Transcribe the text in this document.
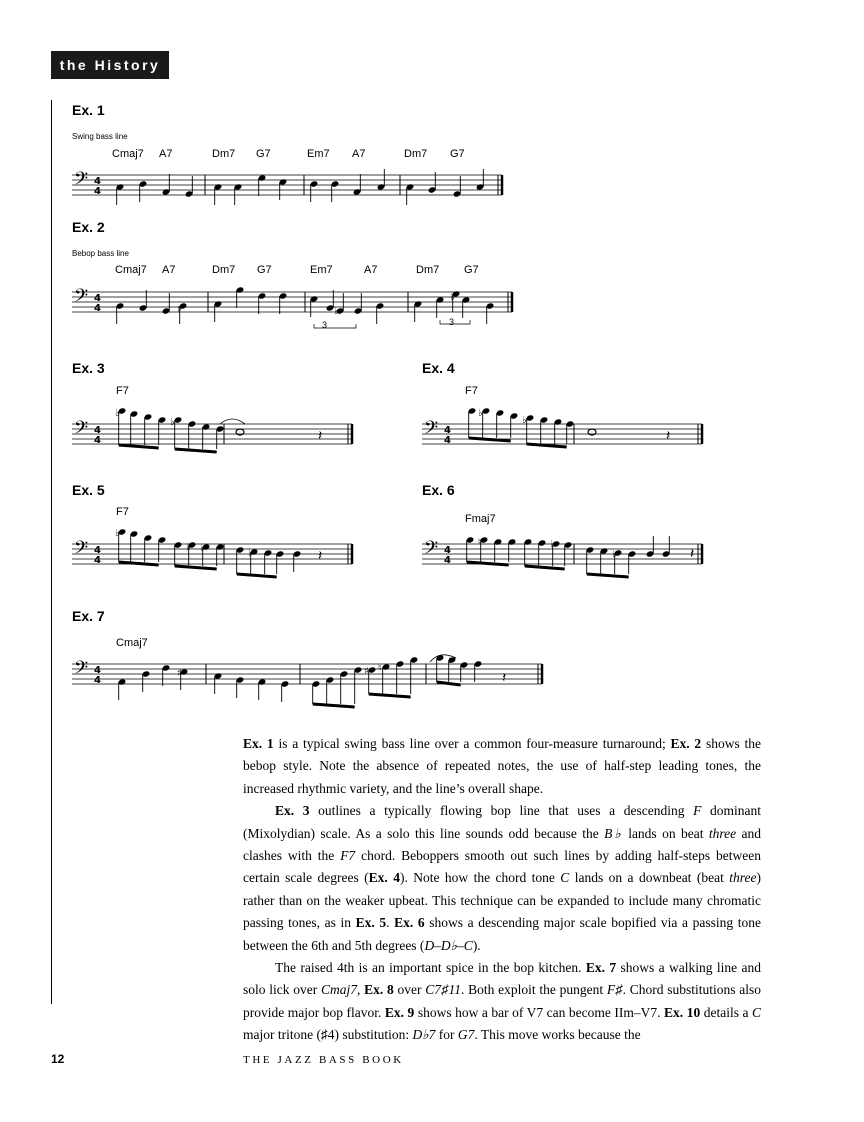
the History
Ex. 1
Swing bass line
Cmaj7 A7	Dm7 G7	Em7 A7	Dm7 G7
𝄢 4
4
𝄢 4
4
𝄢 4
4	𝄢 4
4
𝄢 4
4	𝄢 4
4
𝄢 4
4
♯	♭
♭
♭
♭
𝄽
♭
♭
𝄽
♭
♭ ♭	♭	𝄽
♮	♭
♭	𝄽
♯	♯ ♮
♭
𝄽
Ex. 2
Bebop bass line
Cmaj7 A7	Dm7 G7	Em7	A7	Dm7 G7
3	3
Ex. 3
F7
Ex. 4
F7
Ex. 5
F7
Ex. 6
Fmaj7
Ex. 7
Cmaj7

Ex. 1 is a typical swing bass line over a common four-measure turnaround; Ex. 2 shows the bebop style. Note the absence of repeated notes, the use of half-step leading tones, the increased rhythmic variety, and the line’s overall shape.

Ex. 3 outlines a typically flowing bop line that uses a descending F dominant (Mixolydian) scale. As a solo this line sounds odd because the B♭ lands on beat three and clashes with the F7 chord. Beboppers smooth out such lines by adding half-steps between certain scale degrees (Ex. 4). Note how the chord tone C lands on a downbeat (beat three) rather than on the weaker upbeat. This technique can be expanded to include many chromatic passing tones, as in Ex. 5. Ex. 6 shows a descending major scale bopified via a passing tone between the 6th and 5th degrees (D–D♭–C).

The raised 4th is an important spice in the bop kitchen. Ex. 7 shows a walking line and solo lick over Cmaj7, Ex. 8 over C7♯11. Both exploit the pungent F♯. Chord substitutions also provide major bop flavor. Ex. 9 shows how a bar of V7 can become IIm–V7. Ex. 10 details a C major tritone (♯4) substitution: D♭7 for G7. This move works because the

12	THE JAZZ BASS BOOK
